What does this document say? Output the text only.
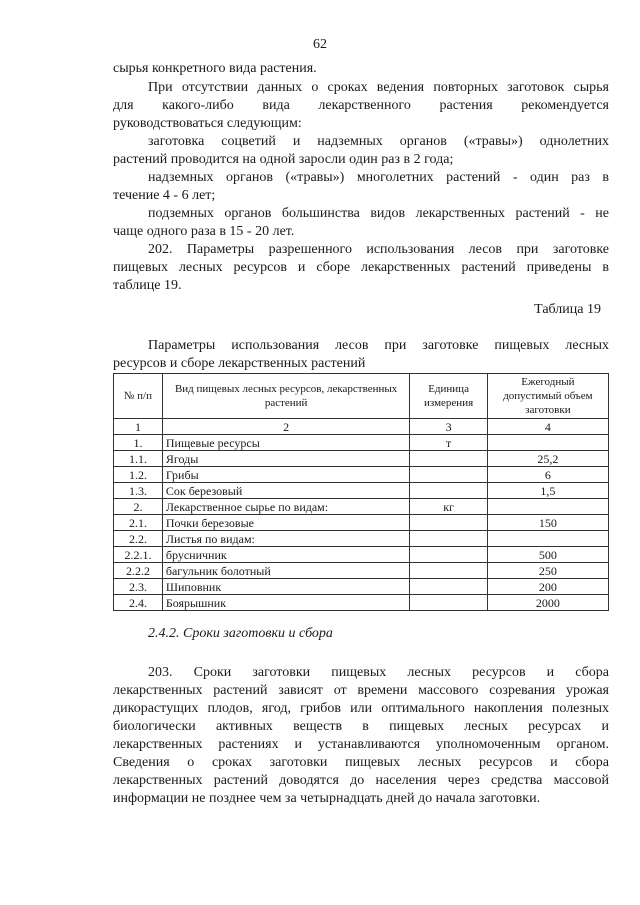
62
сырья конкретного вида растения.
При отсутствии данных о сроках ведения повторных заготовок сырья
для какого-либо вида лекарственного растения рекомендуется
руководствоваться следующим:
заготовка соцветий и надземных органов («травы») однолетних
растений проводится на одной заросли один раз в 2 года;
надземных органов («травы») многолетних растений - один раз в
течение 4 - 6 лет;
подземных органов большинства видов лекарственных растений - не
чаще одного раза в 15 - 20 лет.
202. Параметры разрешенного использования лесов при заготовке
пищевых лесных ресурсов и сборе лекарственных растений приведены в
таблице 19.
Таблица 19
Параметры использования лесов при заготовке пищевых лесных
ресурсов и сборе лекарственных растений
№ п/п	Вид пищевых лесных ресурсов, лекарственных растений	Единица измерения	Ежегодный допустимый объем заготовки
1	2	3	4
1.	Пищевые ресурсы	т	
1.1.	Ягоды		25,2
1.2.	Грибы		6
1.3.	Сок березовый		1,5
2.	Лекарственное сырье по видам:	кг	
2.1.	Почки березовые		150
2.2.	Листья по видам:		
2.2.1.	брусничник		500
2.2.2	багульник болотный		250
2.3.	Шиповник		200
2.4.	Боярышник		2000
2.4.2. Сроки заготовки и сбора
203. Сроки заготовки пищевых лесных ресурсов и сбора
лекарственных растений зависят от времени массового созревания урожая
дикорастущих плодов, ягод, грибов или оптимального накопления полезных
биологически активных веществ в пищевых лесных ресурсах и
лекарственных растениях и устанавливаются уполномоченным органом.
Сведения о сроках заготовки пищевых лесных ресурсов и сбора
лекарственных растений доводятся до населения через средства массовой
информации не позднее чем за четырнадцать дней до начала заготовки.
